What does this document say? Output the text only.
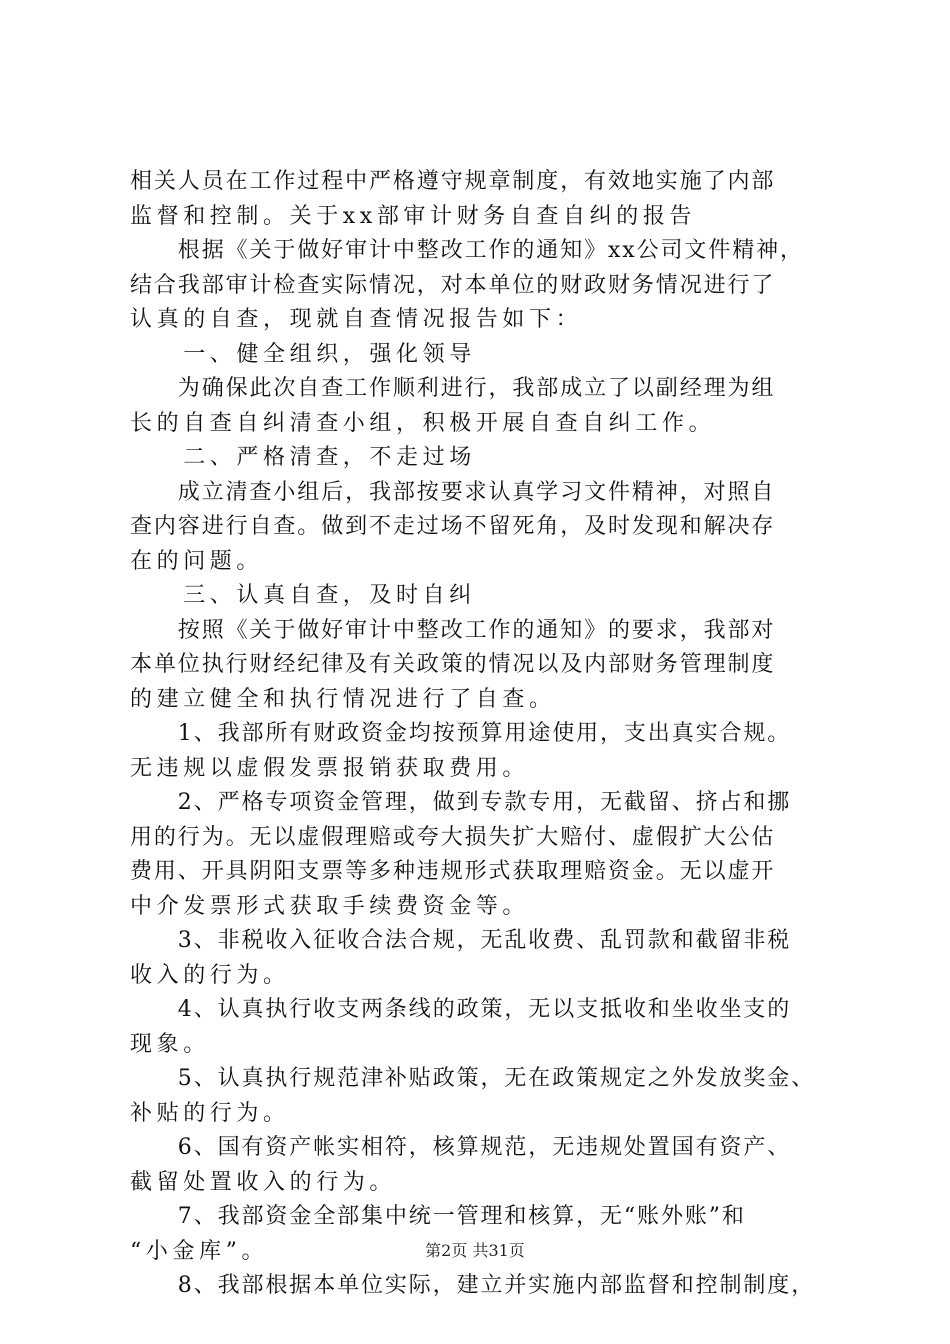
相关人员在工作过程中严格遵守规章制度，有效地实施了内部
监督和控制。关于xx部审计财务自查自纠的报告
　　根据《关于做好审计中整改工作的通知》xx公司文件精神，
结合我部审计检查实际情况，对本单位的财政财务情况进行了
认真的自查，现就自查情况报告如下：
　　一、健全组织，强化领导
　　为确保此次自查工作顺利进行，我部成立了以副经理为组
长的自查自纠清查小组，积极开展自查自纠工作。
　　二、严格清查，不走过场
　　成立清查小组后，我部按要求认真学习文件精神，对照自
查内容进行自查。做到不走过场不留死角，及时发现和解决存
在的问题。
　　三、认真自查，及时自纠
　　按照《关于做好审计中整改工作的通知》的要求，我部对
本单位执行财经纪律及有关政策的情况以及内部财务管理制度
的建立健全和执行情况进行了自查。
　　1、我部所有财政资金均按预算用途使用，支出真实合规。
无违规以虚假发票报销获取费用。
　　2、严格专项资金管理，做到专款专用，无截留、挤占和挪
用的行为。无以虚假理赔或夸大损失扩大赔付、虚假扩大公估
费用、开具阴阳支票等多种违规形式获取理赔资金。无以虚开
中介发票形式获取手续费资金等。
　　3、非税收入征收合法合规，无乱收费、乱罚款和截留非税
收入的行为。
　　4、认真执行收支两条线的政策，无以支抵收和坐收坐支的
现象。
　　5、认真执行规范津补贴政策，无在政策规定之外发放奖金、
补贴的行为。
　　6、国有资产帐实相符，核算规范，无违规处置国有资产、
截留处置收入的行为。
　　7、我部资金全部集中统一管理和核算，无“账外账”和
“小金库”。
　　8、我部根据本单位实际，建立并实施内部监督和控制制度，
第2页 共31页
